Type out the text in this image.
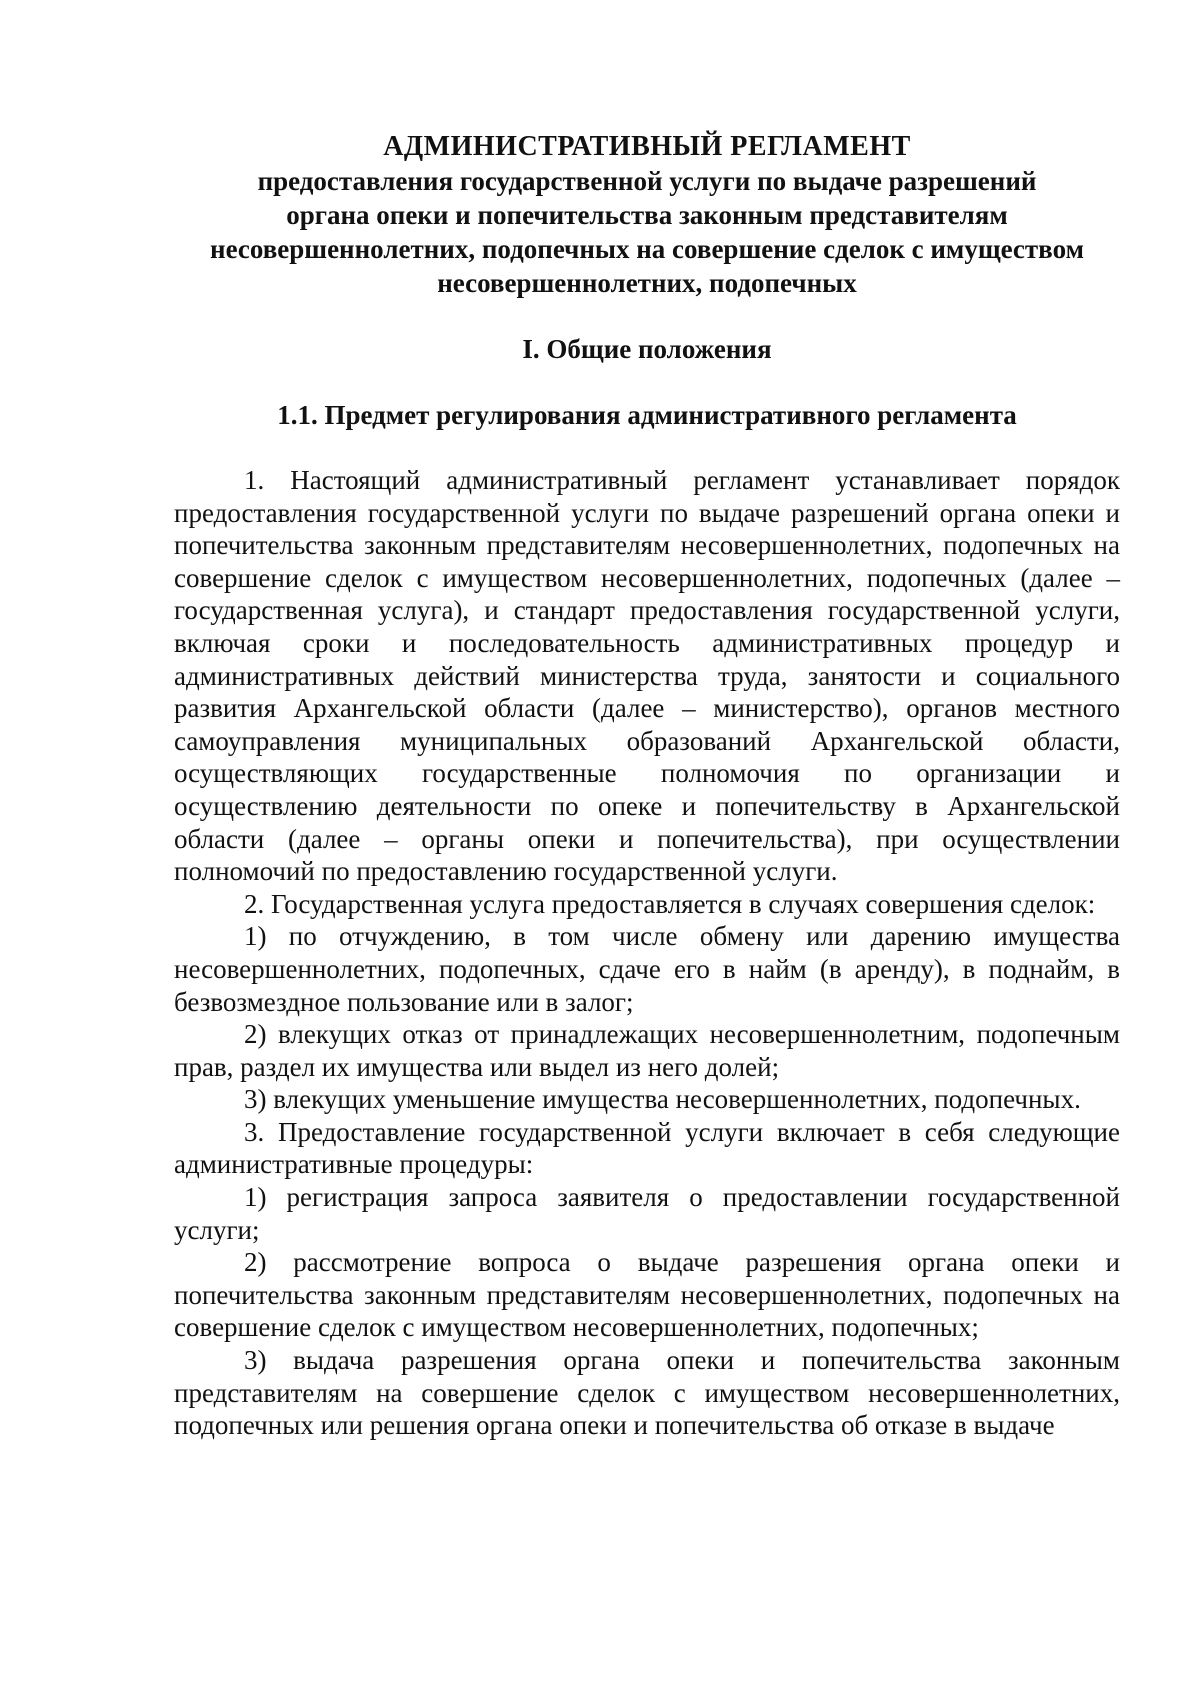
АДМИНИСТРАТИВНЫЙ РЕГЛАМЕНТ
предоставления государственной услуги по выдаче разрешений
органа опеки и попечительства законным представителям
несовершеннолетних, подопечных на совершение сделок с имуществом
несовершеннолетних, подопечных
I. Общие положения
1.1. Предмет регулирования административного регламента

1. Настоящий административный регламент устанавливает порядок предоставления государственной услуги по выдаче разрешений органа опеки и попечительства законным представителям несовершеннолетних, подопечных на совершение сделок с имуществом несовершеннолетних, подопечных (далее – государственная услуга), и стандарт предоставления государственной услуги, включая сроки и последовательность административных процедур и административных действий министерства труда, занятости и социального развития Архангельской области (далее – министерство), органов местного самоуправления муниципальных образований Архангельской области, осуществляющих государственные полномочия по организации и осуществлению деятельности по опеке и попечительству в Архангельской области (далее – органы опеки и попечительства), при осуществлении полномочий по предоставлению государственной услуги.

2. Государственная услуга предоставляется в случаях совершения сделок:

1) по отчуждению, в том числе обмену или дарению имущества несовершеннолетних, подопечных, сдаче его в найм (в аренду), в поднайм, в безвозмездное пользование или в залог;

2) влекущих отказ от принадлежащих несовершеннолетним, подопечным прав, раздел их имущества или выдел из него долей;

3) влекущих уменьшение имущества несовершеннолетних, подопечных.

3. Предоставление государственной услуги включает в себя следующие административные процедуры:

1) регистрация запроса заявителя о предоставлении государственной услуги;

2) рассмотрение вопроса о выдаче разрешения органа опеки и попечительства законным представителям несовершеннолетних, подопечных на совершение сделок с имуществом несовершеннолетних, подопечных;

3) выдача разрешения органа опеки и попечительства законным представителям на совершение сделок с имуществом несовершеннолетних, подопечных или решения органа опеки и попечительства об отказе в выдаче
